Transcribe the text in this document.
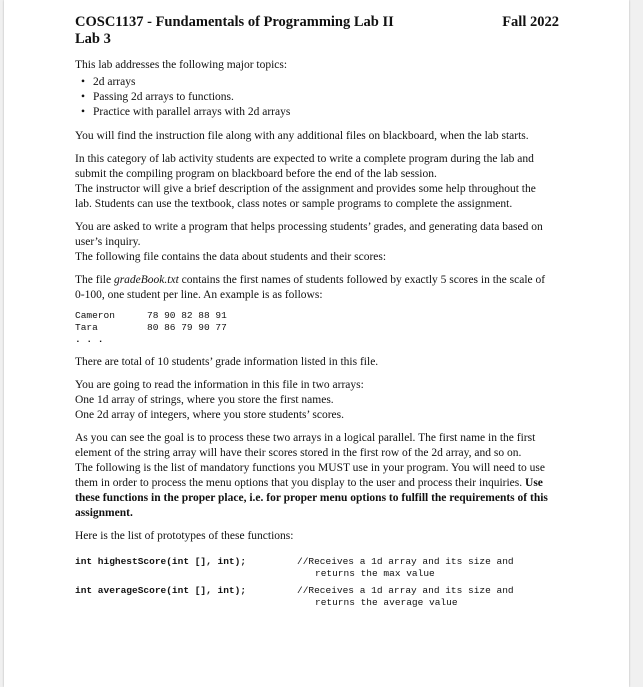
COSC1137 - Fundamentals of Programming Lab II	Fall 2022
Lab 3

This lab addresses the following major topics:

• 2d arrays
• Passing 2d arrays to functions.
• Practice with parallel arrays with 2d arrays

You will find the instruction file along with any additional files on blackboard, when the lab starts.

In this category of lab activity students are expected to write a complete program during the lab and submit the compiling program on blackboard before the end of the lab session.

The instructor will give a brief description of the assignment and provides some help throughout the lab. Students can use the textbook, class notes or sample programs to complete the assignment.

You are asked to write a program that helps processing students’ grades, and generating data based on user’s inquiry.

The following file contains the data about students and their scores:

The file gradeBook.txt contains the first names of students followed by exactly 5 scores in the scale of 0-100, one student per line. An example is as follows:

Cameron	78 90 82 88 91
Tara	80 86 79 90 77
. . .

There are total of 10 students’ grade information listed in this file.

You are going to read the information in this file in two arrays:

One 1d array of strings, where you store the first names.

One 2d array of integers, where you store students’ scores.

As you can see the goal is to process these two arrays in a logical parallel. The first name in the first element of the string array will have their scores stored in the first row of the 2d array, and so on.

The following is the list of mandatory functions you MUST use in your program. You will need to use them in order to process the menu options that you display to the user and process their inquiries. Use these functions in the proper place, i.e. for proper menu options to fulfill the requirements of this assignment.

Here is the list of prototypes of these functions:

int highestScore(int [], int);	//Receives a 1d array and its size and
returns the max value
int averageScore(int [], int);	//Receives a 1d array and its size and
returns the average value
